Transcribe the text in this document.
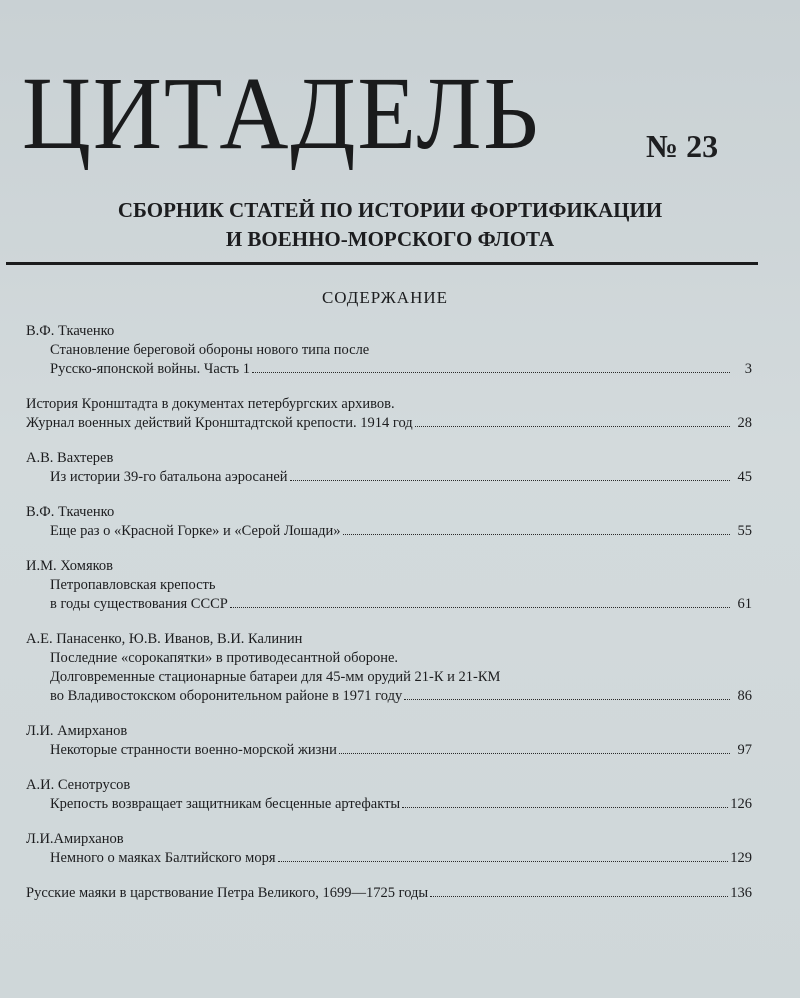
ЦИТАДЕЛЬ	№ 23
СБОРНИК СТАТЕЙ ПО ИСТОРИИ ФОРТИФИКАЦИИ
И ВОЕННО-МОРСКОГО ФЛОТА
СОДЕРЖАНИЕ
В.Ф. Ткаченко
Становление береговой обороны нового типа после
Русско-японской войны. Часть 1	3
История Кронштадта в документах петербургских архивов.
Журнал военных действий Кронштадтской крепости. 1914 год	28
А.В. Вахтерев
Из истории 39-го батальона аэросаней	45
В.Ф. Ткаченко
Еще раз о «Красной Горке» и «Серой Лошади»	55
И.М. Хомяков
Петропавловская крепость
в годы существования СССР	61
А.Е. Панасенко, Ю.В. Иванов, В.И. Калинин
Последние «сорокапятки» в противодесантной обороне.
Долговременные стационарные батареи для 45-мм орудий 21-К и 21-КМ
во Владивостокском оборонительном районе в 1971 году	86
Л.И. Амирханов
Некоторые странности военно-морской жизни	97
А.И. Сенотрусов
Крепость возвращает защитникам бесценные артефакты	126
Л.И.Амирханов
Немного о маяках Балтийского моря	129
Русские маяки в царствование Петра Великого, 1699—1725 годы	136
